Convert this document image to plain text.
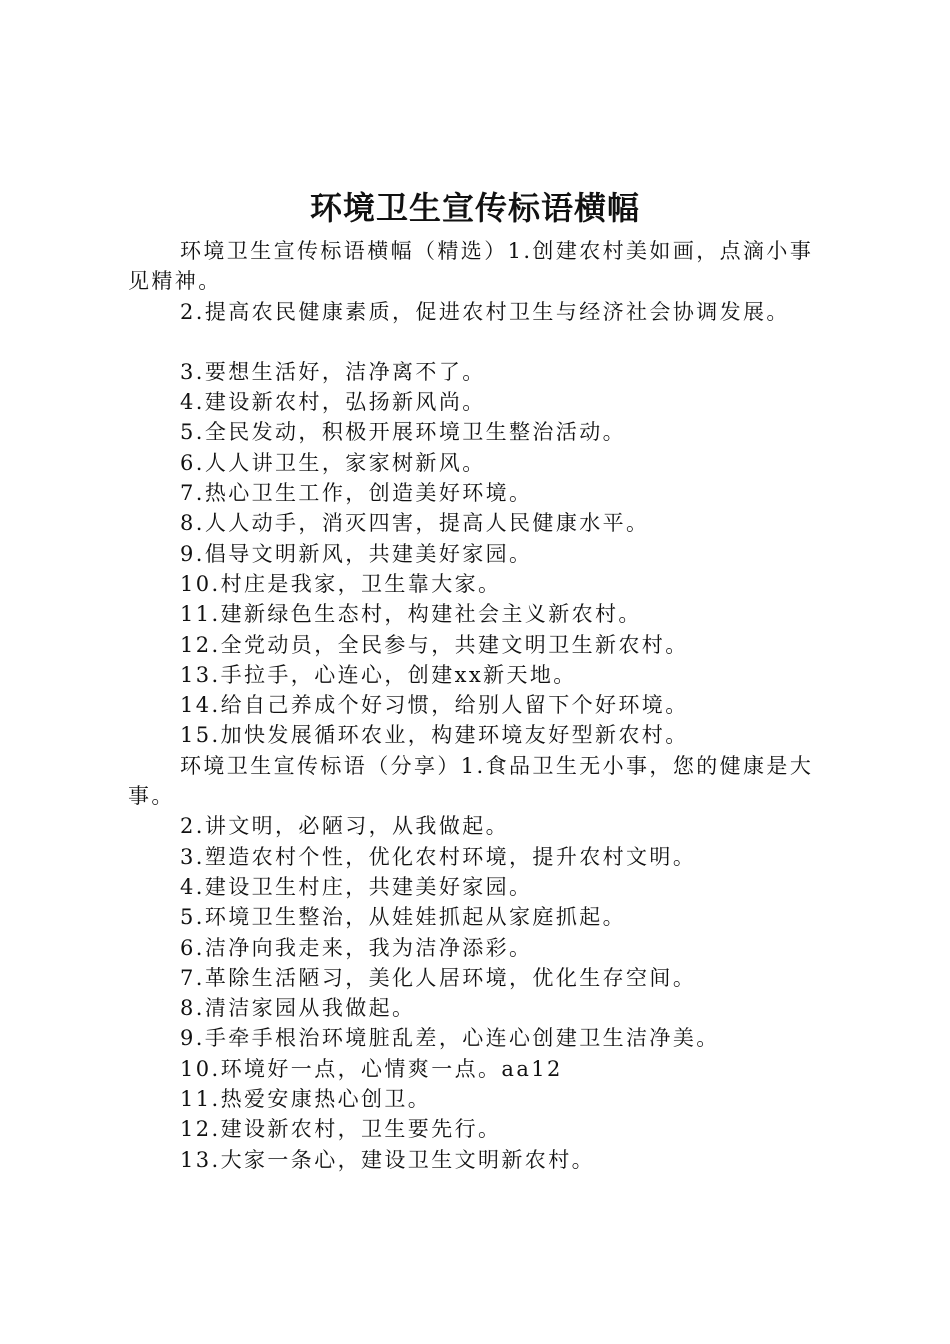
环境卫生宣传标语横幅

环境卫生宣传标语横幅（精选）1.创建农村美如画，点滴小事见精神。

2.提高农民健康素质，促进农村卫生与经济社会协调发展。

3.要想生活好，洁净离不了。

4.建设新农村，弘扬新风尚。

5.全民发动，积极开展环境卫生整治活动。

6.人人讲卫生，家家树新风。

7.热心卫生工作，创造美好环境。

8.人人动手，消灭四害，提高人民健康水平。

9.倡导文明新风，共建美好家园。

10.村庄是我家，卫生靠大家。

11.建新绿色生态村，构建社会主义新农村。

12.全党动员，全民参与，共建文明卫生新农村。

13.手拉手，心连心，创建xx新天地。

14.给自己养成个好习惯，给别人留下个好环境。

15.加快发展循环农业，构建环境友好型新农村。

环境卫生宣传标语（分享）1.食品卫生无小事，您的健康是大事。

2.讲文明，必陋习，从我做起。

3.塑造农村个性，优化农村环境，提升农村文明。

4.建设卫生村庄，共建美好家园。

5.环境卫生整治，从娃娃抓起从家庭抓起。

6.洁净向我走来，我为洁净添彩。

7.革除生活陋习，美化人居环境，优化生存空间。

8.清洁家园从我做起。

9.手牵手根治环境脏乱差，心连心创建卫生洁净美。

10.环境好一点，心情爽一点。aa12

11.热爱安康热心创卫。

12.建设新农村，卫生要先行。

13.大家一条心，建设卫生文明新农村。
